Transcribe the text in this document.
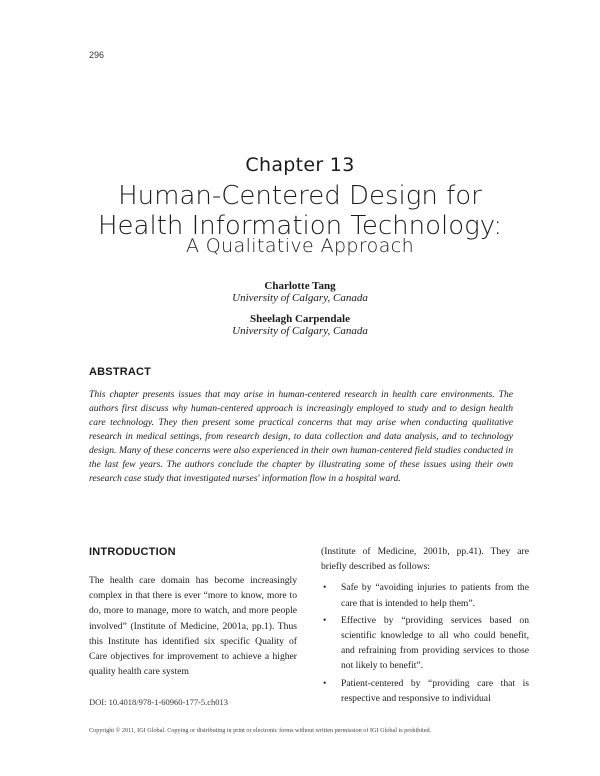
296
Chapter 13
Human-Centered Design for
Health Information Technology:
A Qualitative Approach
Charlotte Tang
University of Calgary, Canada
Sheelagh Carpendale
University of Calgary, Canada
ABSTRACT
This chapter presents issues that may arise in human-centered research in health care environments. The authors first discuss why human-centered approach is increasingly employed to study and to design health care technology. They then present some practical concerns that may arise when conducting qualitative research in medical settings, from research design, to data collection and data analysis, and to technology design. Many of these concerns were also experienced in their own human-centered field studies conducted in the last few years. The authors conclude the chapter by illustrating some of these issues using their own research case study that investigated nurses' information flow in a hospital ward.
INTRODUCTION
The health care domain has become increasingly complex in that there is ever “more to know, more to do, more to manage, more to watch, and more people involved” (Institute of Medicine, 2001a, pp.1). Thus this Institute has identified six specific Quality of Care objectives for improvement to achieve a higher quality health care system

(Institute of Medicine, 2001b, pp.41). They are briefly described as follows:

• Safe by “avoiding injuries to patients from the care that is intended to help them”.
• Effective by “providing services based on scientific knowledge to all who could benefit, and refraining from providing services to those not likely to benefit”.
• Patient-centered by “providing care that is respective and responsive to individual
DOI: 10.4018/978-1-60960-177-5.ch013
Copyright © 2011, IGI Global. Copying or distributing in print or electronic forms without written permission of IGI Global is prohibited.
